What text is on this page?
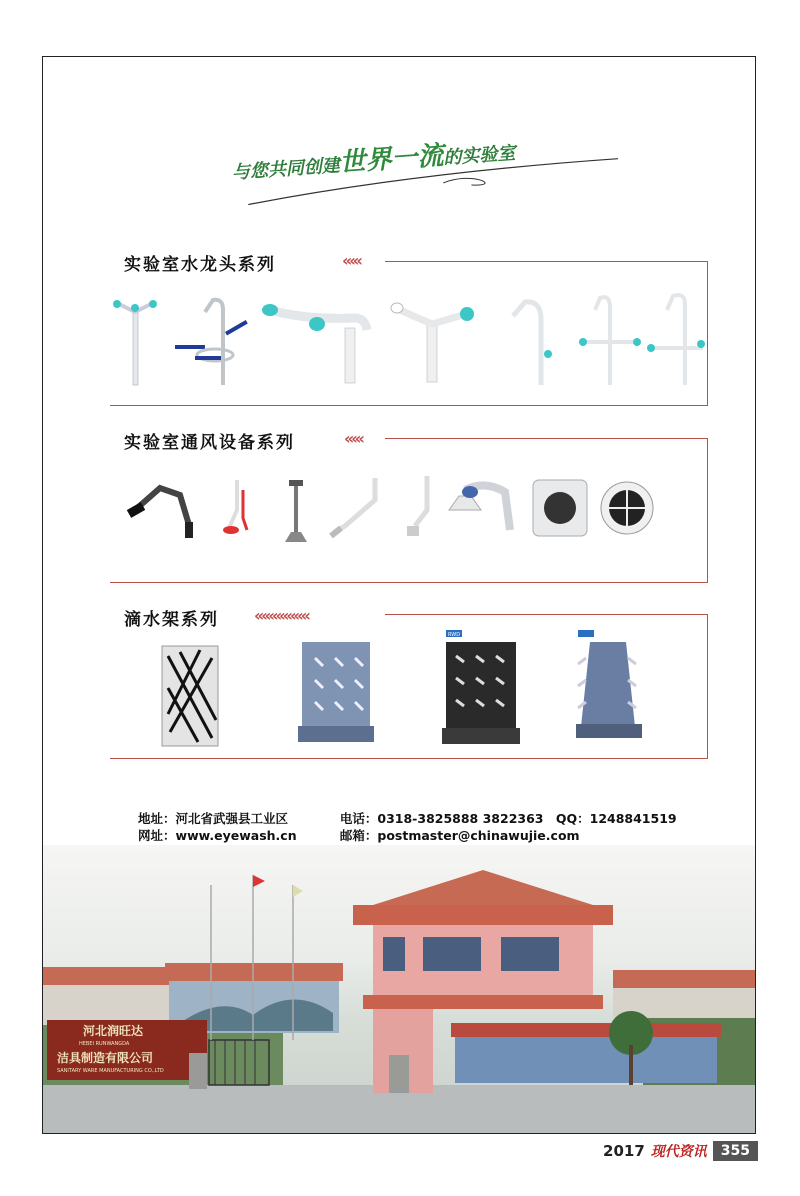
与您共同创建世界一流的实验室
实验室水龙头系列	‹‹‹‹‹
实验室通风设备系列	‹‹‹‹‹
滴水架系列 ‹‹‹‹‹‹‹‹‹‹‹‹‹‹‹
RWD
地址：河北省武强县工业区	电话：0318-3825888 3822363 QQ：1248841519
网址：www.eyewash.cn	邮箱：postmaster@chinawujie.com
河北润旺达
HEBEI RUNWANGDA
洁具制造有限公司
SANITARY WARE MANUFACTURING CO.,LTD
2017 现代资讯	355
